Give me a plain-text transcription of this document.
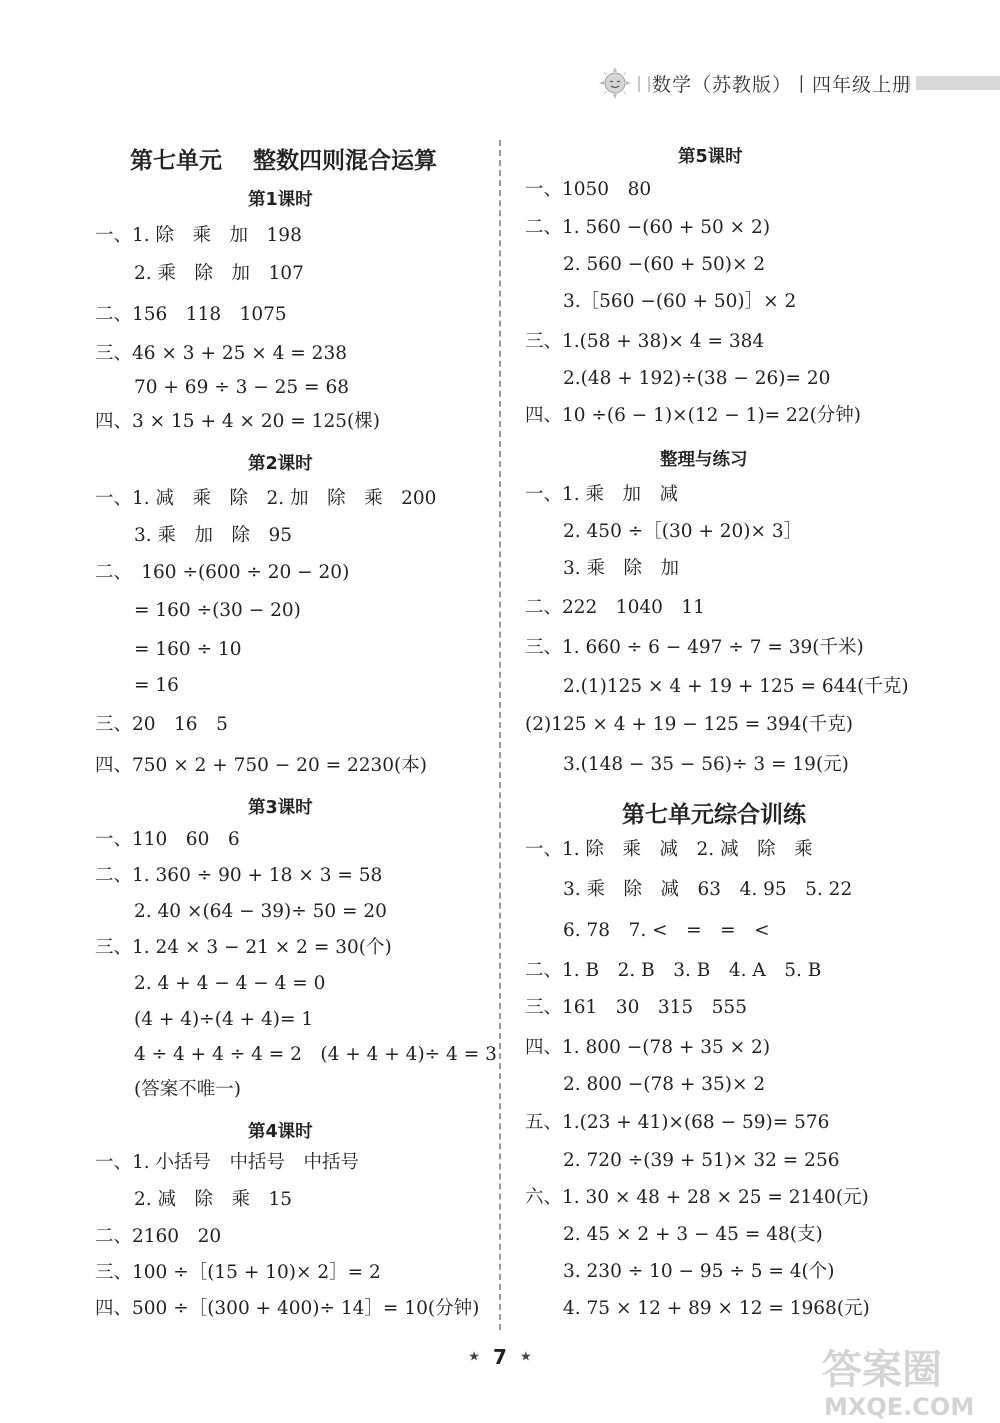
数学（苏教版）丨四年级上册
第七单元　 整数四则混合运算
第1课时
一、1. 除　乘　加　198
2. 乘　除　加　107
二、156　118　1075
三、46 × 3 + 25 × 4 = 238
70 + 69 ÷ 3 − 25 = 68
四、3 × 15 + 4 × 20 = 125(棵)
第2课时
一、1. 减　乘　除　2. 加　除　乘　200
3. 乘　加　除　95
二、　160 ÷(600 ÷ 20 − 20)
= 160 ÷(30 − 20)
= 160 ÷ 10
= 16
三、20　16　5
四、750 × 2 + 750 − 20 = 2230(本)
第3课时
一、110　60　6
二、1. 360 ÷ 90 + 18 × 3 = 58
2. 40 ×(64 − 39)÷ 50 = 20
三、1. 24 × 3 − 21 × 2 = 30(个)
2. 4 + 4 − 4 − 4 = 0
(4 + 4)÷(4 + 4)= 1
4 ÷ 4 + 4 ÷ 4 = 2　(4 + 4 + 4)÷ 4 = 3
(答案不唯一)
第4课时
一、1. 小括号　中括号　中括号
2. 减　除　乘　15
二、2160　20
三、100 ÷［(15 + 10)× 2］= 2
四、500 ÷［(300 + 400)÷ 14］= 10(分钟)
第5课时
一、1050　80
二、1. 560 −(60 + 50 × 2)
2. 560 −(60 + 50)× 2
3.［560 −(60 + 50)］× 2
三、1.(58 + 38)× 4 = 384
2.(48 + 192)÷(38 − 26)= 20
四、10 ÷(6 − 1)×(12 − 1)= 22(分钟)
整理与练习
一、1. 乘　加　减
2. 450 ÷［(30 + 20)× 3］
3. 乘　除　加
二、222　1040　11
三、1. 660 ÷ 6 − 497 ÷ 7 = 39(千米)
2.(1)125 × 4 + 19 + 125 = 644(千克)
(2)125 × 4 + 19 − 125 = 394(千克)
3.(148 − 35 − 56)÷ 3 = 19(元)
第七单元综合训练
一、1. 除　乘　减　2. 减　除　乘
3. 乘　除　减　63　4. 95　5. 22
6. 78　7. <　=　=　<
二、1. B　2. B　3. B　4. A　5. B
三、161　30　315　555
四、1. 800 −(78 + 35 × 2)
2. 800 −(78 + 35)× 2
五、1.(23 + 41)×(68 − 59)= 576
2. 720 ÷(39 + 51)× 32 = 256
六、1. 30 × 48 + 28 × 25 = 2140(元)
2. 45 × 2 + 3 − 45 = 48(支)
3. 230 ÷ 10 − 95 ÷ 5 = 4(个)
4. 75 × 12 + 89 × 12 = 1968(元)
★ 7 ★	答案圈
MXQE.COM
